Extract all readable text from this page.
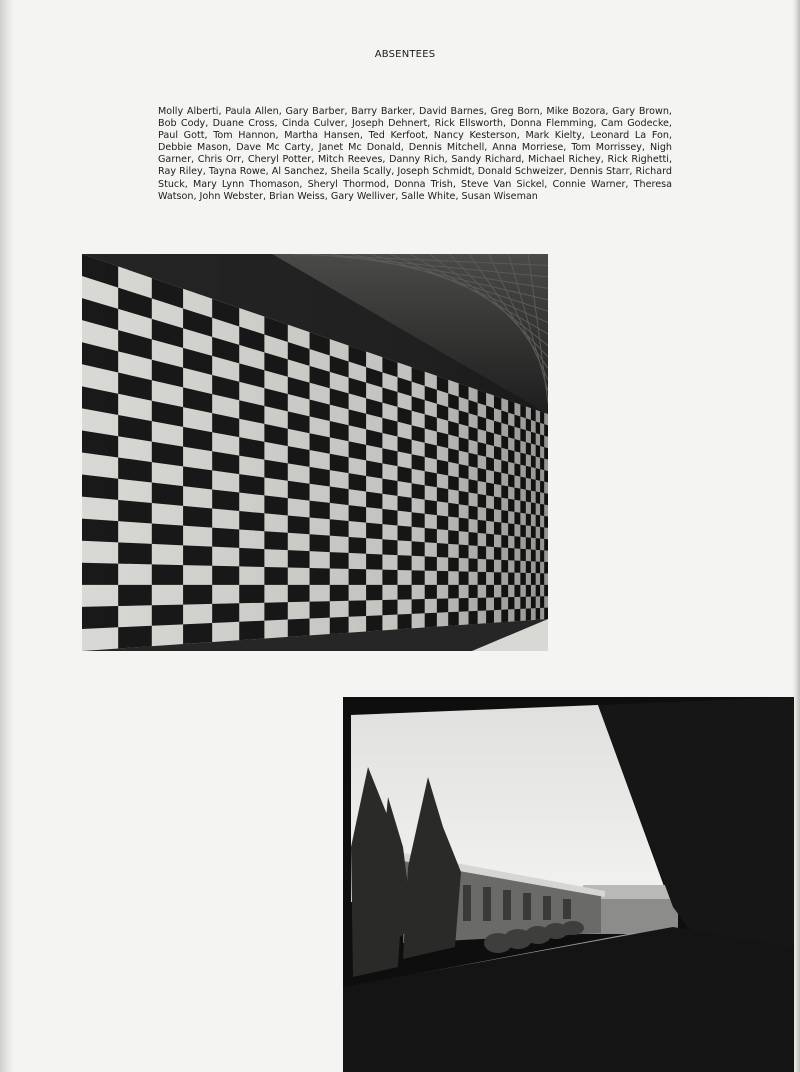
ABSENTEES
Molly Alberti, Paula Allen, Gary Barber, Barry Barker, David Barnes, Greg Born, Mike Bozora, Gary Brown, Bob Cody, Duane Cross, Cinda Culver, Joseph Dehnert, Rick Ellsworth, Donna Flemming, Cam Godecke, Paul Gott, Tom Hannon, Martha Hansen, Ted Kerfoot, Nancy Kesterson, Mark Kielty, Leonard La Fon, Debbie Mason, Dave Mc Carty, Janet Mc Donald, Dennis Mitchell, Anna Morriese, Tom Morrissey, Nigh Garner, Chris Orr, Cheryl Potter, Mitch Reeves, Danny Rich, Sandy Richard, Michael Richey, Rick Righetti, Ray Riley, Tayna Rowe, Al Sanchez, Sheila Scally, Joseph Schmidt, Donald Schweizer, Dennis Starr, Richard Stuck, Mary Lynn Thomason, Sheryl Thormod, Donna Trish, Steve Van Sickel, Connie Warner, Theresa Watson, John Webster, Brian Weiss, Gary Welliver, Salle White, Susan Wiseman
